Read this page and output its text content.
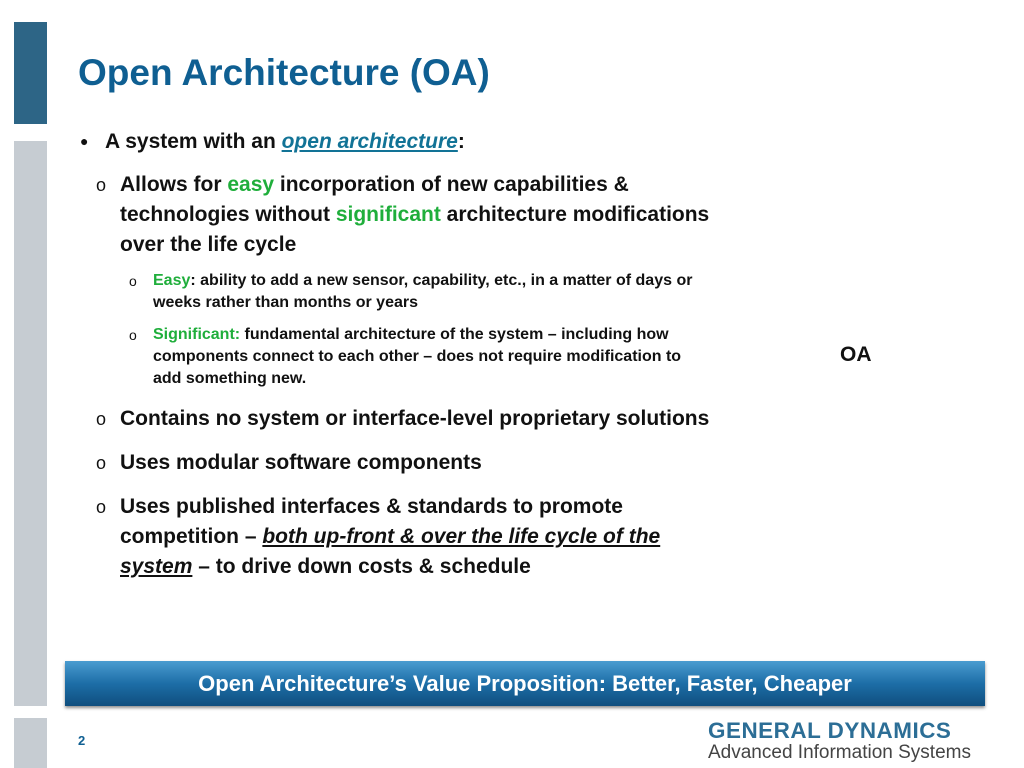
Open Architecture (OA)
● A system with an open architecture:
o Allows for easy incorporation of new capabilities & technologies without significant architecture modifications over the life cycle
o Easy: ability to add a new sensor, capability, etc., in a matter of days or weeks rather than months or years
o Significant: fundamental architecture of the system – including how components connect to each other – does not require modification to add something new.
o Contains no system or interface-level proprietary solutions
o Uses modular software components
o Uses published interfaces & standards to promote competition – both up-front & over the life cycle of the system – to drive down costs & schedule
OA
Open Architecture’s Value Proposition: Better, Faster, Cheaper
2	GENERAL DYNAMICS
Advanced Information Systems
